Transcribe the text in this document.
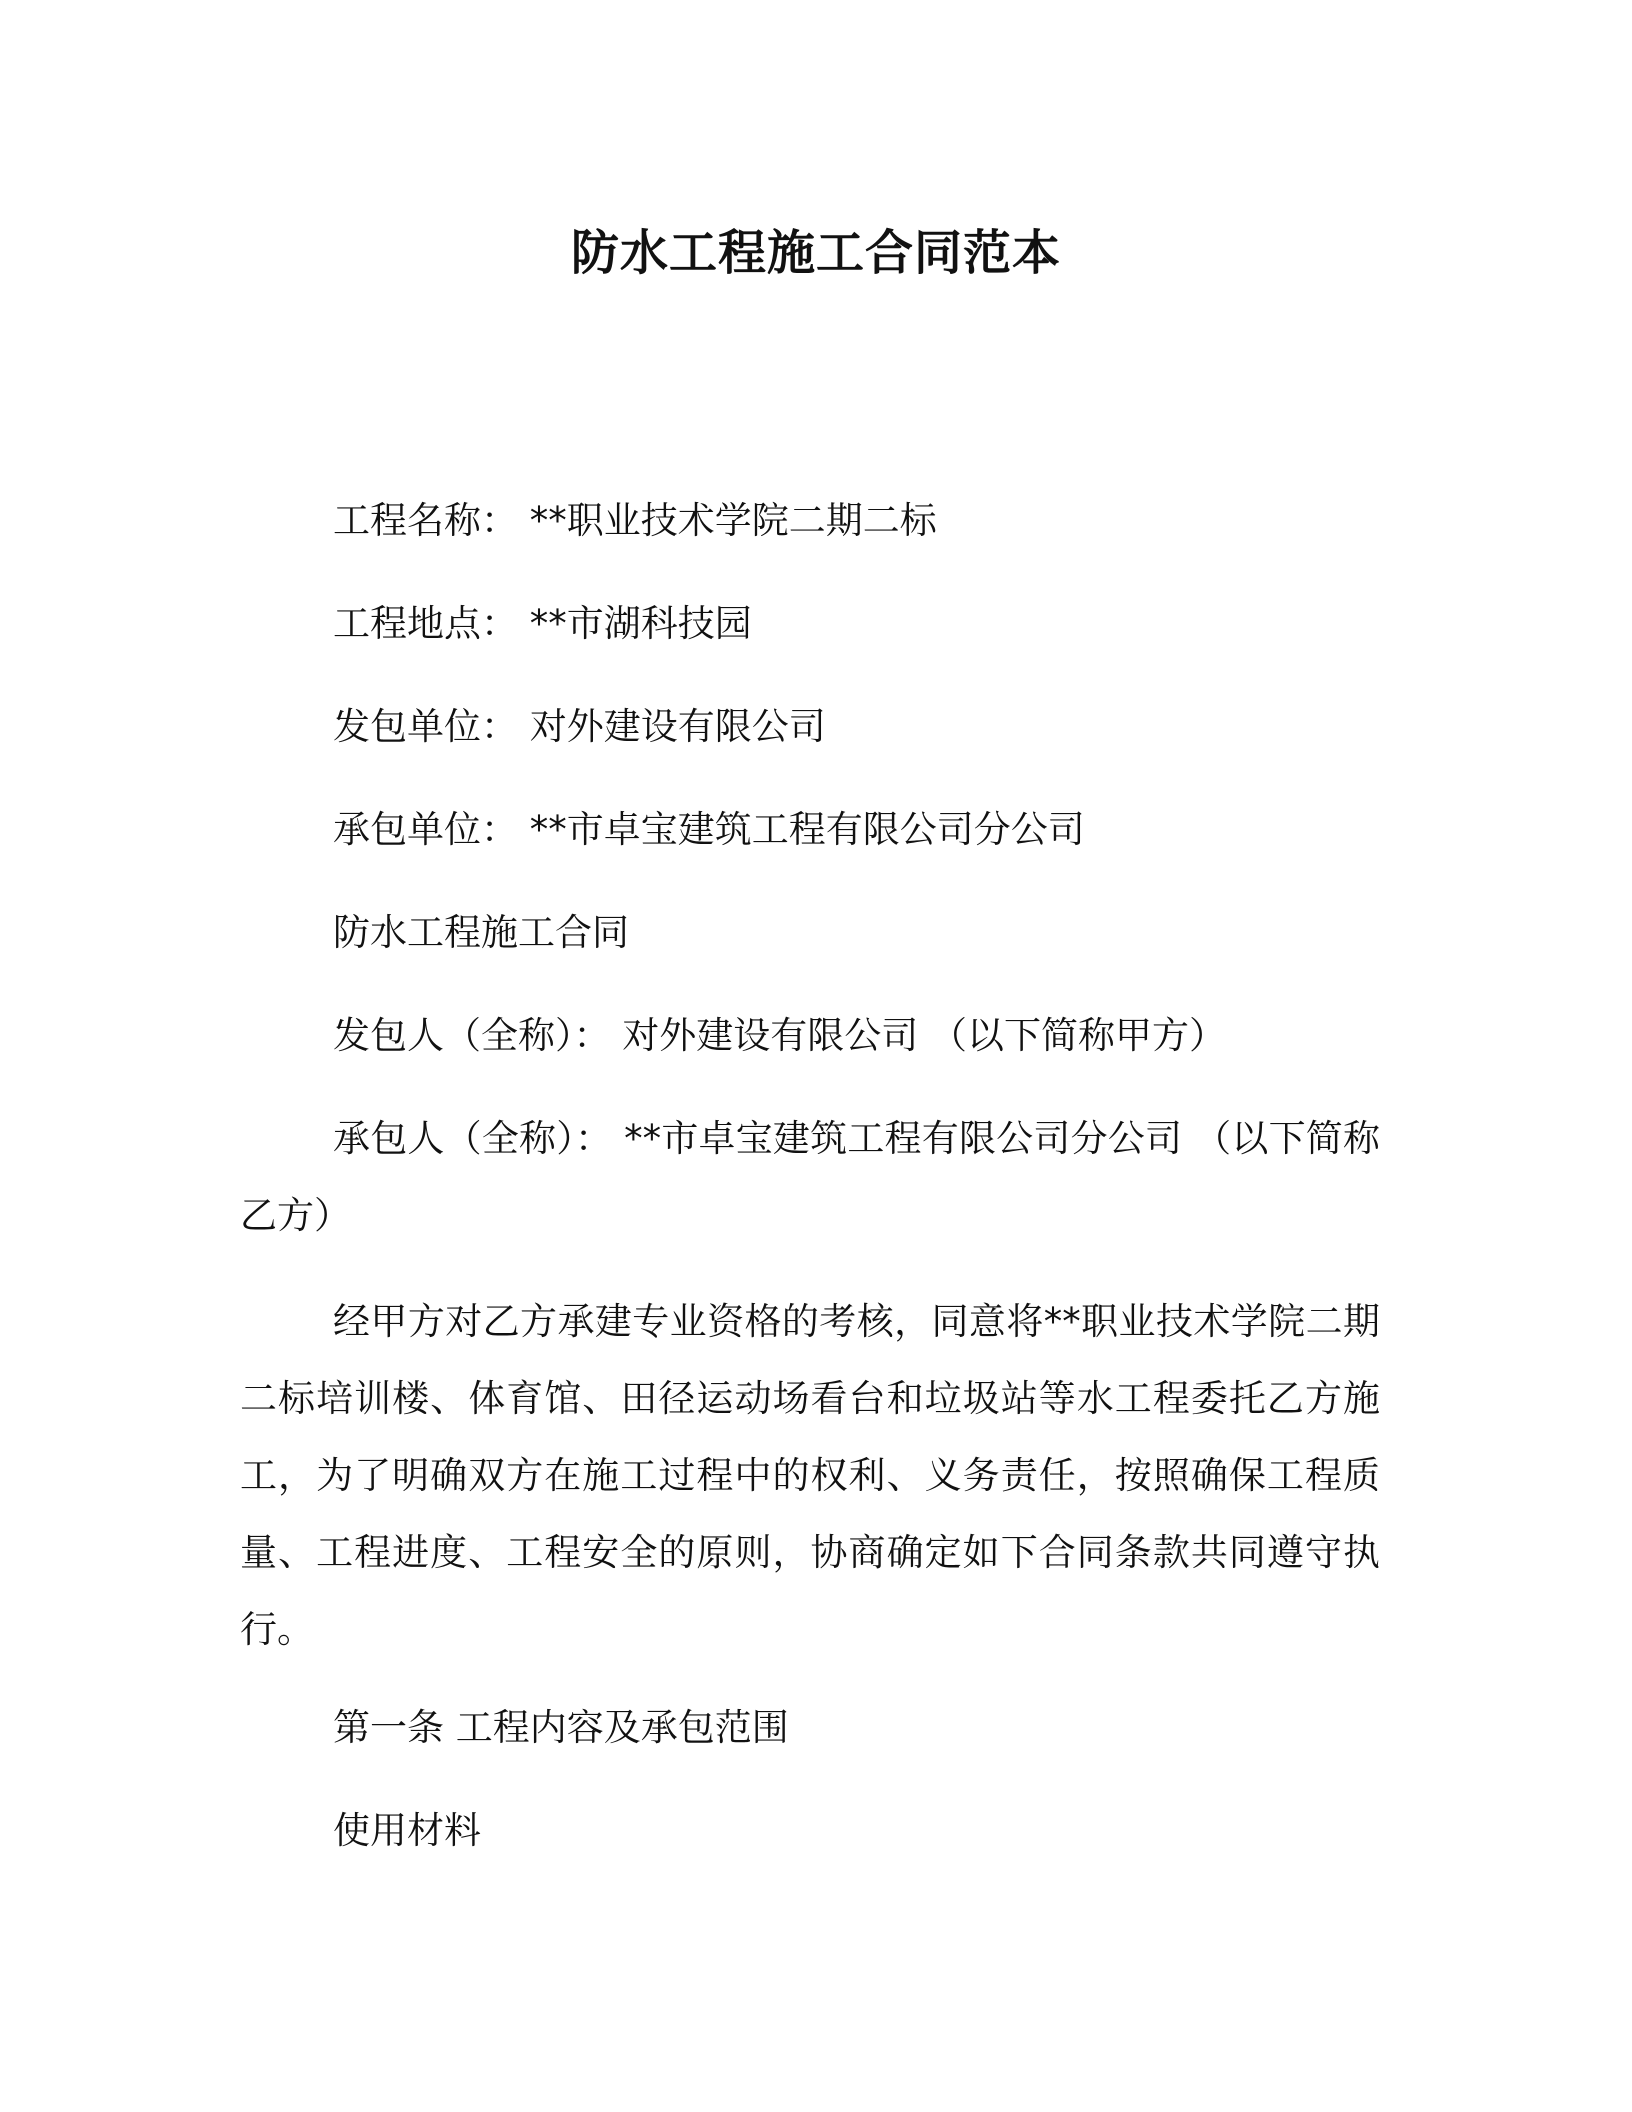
防水工程施工合同范本
工程名称： **职业技术学院二期二标
工程地点： **市湖科技园
发包单位： 对外建设有限公司
承包单位： **市卓宝建筑工程有限公司分公司
防水工程施工合同
发包人（全称）： 对外建设有限公司 （以下简称甲方）
承包人（全称）： **市卓宝建筑工程有限公司分公司 （以下简称乙方）
经甲方对乙方承建专业资格的考核，同意将**职业技术学院二期二标培训楼、体育馆、田径运动场看台和垃圾站等水工程委托乙方施工，为了明确双方在施工过程中的权利、义务责任，按照确保工程质量、工程进度、工程安全的原则，协商确定如下合同条款共同遵守执行。
第一条 工程内容及承包范围
使用材料
